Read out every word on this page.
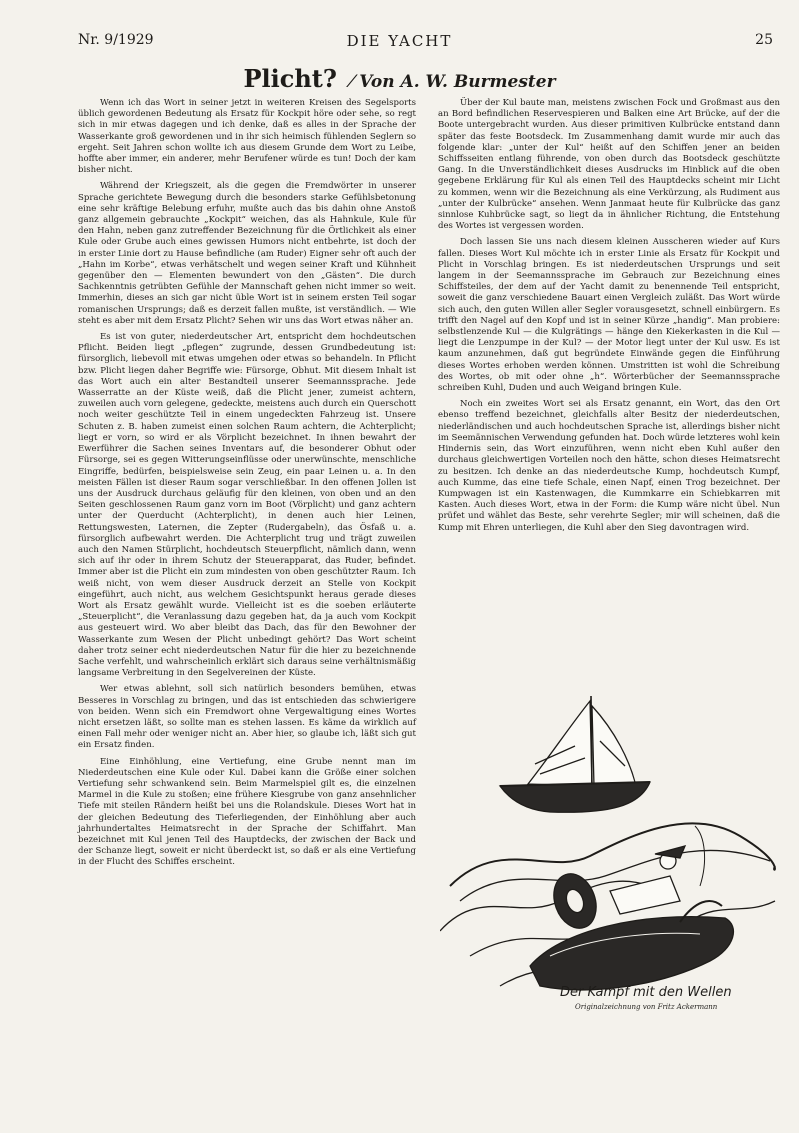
Nr. 9/1929	DIE YACHT	25
Plicht?  ⁄ Von A. W. Burmester

Wenn ich das Wort in seiner jetzt in weiteren Kreisen des Segelsports üblich gewordenen Bedeutung als Ersatz für Kockpit höre oder sehe, so regt sich in mir etwas dagegen und ich denke, daß es alles in der Sprache der Wasserkante groß gewordenen und in ihr sich heimisch fühlenden Seglern so ergeht. Seit Jahren schon wollte ich aus diesem Grunde dem Wort zu Leibe, hoffte aber immer, ein anderer, mehr Berufener würde es tun! Doch der kam bisher nicht.

Während der Kriegszeit, als die gegen die Fremdwörter in unserer Sprache gerichtete Bewegung durch die besonders starke Gefühlsbetonung eine sehr kräftige Belebung erfuhr, mußte auch das bis dahin ohne Anstoß ganz allgemein gebrauchte „Kockpit“ weichen, das als Hahnkule, Kule für den Hahn, neben ganz zutreffender Bezeichnung für die Örtlichkeit als einer Kule oder Grube auch eines gewissen Humors nicht entbehrte, ist doch der in erster Linie dort zu Hause befindliche (am Ruder) Eigner sehr oft auch der „Hahn im Korbe“, etwas verhätschelt und wegen seiner Kraft und Kühnheit gegenüber den — Elementen bewundert von den „Gästen“. Die durch Sachkenntnis getrübten Gefühle der Mannschaft gehen nicht immer so weit. Immerhin, dieses an sich gar nicht üble Wort ist in seinem ersten Teil sogar romanischen Ursprungs; daß es derzeit fallen mußte, ist verständlich. — Wie steht es aber mit dem Ersatz Plicht? Sehen wir uns das Wort etwas näher an.

Es ist von guter, niederdeutscher Art, entspricht dem hochdeutschen Pflicht. Beiden liegt „pflegen“ zugrunde, dessen Grundbedeutung ist: fürsorglich, liebevoll mit etwas umgehen oder etwas so behandeln. In Pflicht bzw. Plicht liegen daher Begriffe wie: Fürsorge, Obhut. Mit diesem Inhalt ist das Wort auch ein alter Bestandteil unserer Seemannssprache. Jede Wasserratte an der Küste weiß, daß die Plicht jener, zumeist achtern, zuweilen auch vorn gelegene, gedeckte, meistens auch durch ein Querschott noch weiter geschützte Teil in einem ungedeckten Fahrzeug ist. Unsere Schuten z. B. haben zumeist einen solchen Raum achtern, die Achterplicht; liegt er vorn, so wird er als Vörplicht bezeichnet. In ihnen bewahrt der Ewerführer die Sachen seines Inventars auf, die besonderer Obhut oder Fürsorge, sei es gegen Witterungseinflüsse oder unerwünschte, menschliche Eingriffe, bedürfen, beispielsweise sein Zeug, ein paar Leinen u. a. In den meisten Fällen ist dieser Raum sogar verschließbar. In den offenen Jollen ist uns der Ausdruck durchaus geläufig für den kleinen, von oben und an den Seiten geschlossenen Raum ganz vorn im Boot (Vörplicht) und ganz achtern unter der Querducht (Achterplicht), in denen auch hier Leinen, Rettungswesten, Laternen, die Zepter (Rudergabeln), das Ösfaß u. a. fürsorglich aufbewahrt werden. Die Achterplicht trug und trägt zuweilen auch den Namen Stürplicht, hochdeutsch Steuerpflicht, nämlich dann, wenn sich auf ihr oder in ihrem Schutz der Steuerapparat, das Ruder, befindet. Immer aber ist die Plicht ein zum mindesten von oben geschützter Raum. Ich weiß nicht, von wem dieser Ausdruck derzeit an Stelle von Kockpit eingeführt, auch nicht, aus welchem Gesichtspunkt heraus gerade dieses Wort als Ersatz gewählt wurde. Vielleicht ist es die soeben erläuterte „Steuerplicht“, die Veranlassung dazu gegeben hat, da ja auch vom Kockpit aus gesteuert wird. Wo aber bleibt das Dach, das für den Bewohner der Wasserkante zum Wesen der Plicht unbedingt gehört? Das Wort scheint daher trotz seiner echt niederdeutschen Natur für die hier zu bezeichnende Sache verfehlt, und wahrscheinlich erklärt sich daraus seine verhältnismäßig langsame Verbreitung in den Segelvereinen der Küste.

Wer etwas ablehnt, soll sich natürlich besonders bemühen, etwas Besseres in Vorschlag zu bringen, und das ist entschieden das schwierigere von beiden. Wenn sich ein Fremdwort ohne Vergewaltigung eines Wortes nicht ersetzen läßt, so sollte man es stehen lassen. Es käme da wirklich auf einen Fall mehr oder weniger nicht an. Aber hier, so glaube ich, läßt sich gut ein Ersatz finden.

Eine Einhöhlung, eine Vertiefung, eine Grube nennt man im Niederdeutschen eine Kule oder Kul. Dabei kann die Größe einer solchen Vertiefung sehr schwankend sein. Beim Marmelspiel gilt es, die einzelnen Marmel in die Kule zu stoßen; eine frühere Kiesgrube von ganz ansehnlicher Tiefe mit steilen Rändern heißt bei uns die Rolandskule. Dieses Wort hat in der gleichen Bedeutung des Tieferliegenden, der Einhöhlung aber auch jahrhundertaltes Heimatsrecht in der Sprache der Schiffahrt. Man bezeichnet mit Kul jenen Teil des Hauptdecks, der zwischen der Back und der Schanze liegt, soweit er nicht überdeckt ist, so daß er als eine Vertiefung in der Flucht des Schiffes erscheint.

Über der Kul baute man, meistens zwischen Fock und Großmast aus den an Bord befindlichen Reservespieren und Balken eine Art Brücke, auf der die Boote untergebracht wurden. Aus dieser primitiven Kulbrücke entstand dann später das feste Bootsdeck. Im Zusammenhang damit wurde mir auch das folgende klar: „unter der Kul“ heißt auf den Schiffen jener an beiden Schiffsseiten entlang führende, von oben durch das Bootsdeck geschützte Gang. In die Unverständlichkeit dieses Ausdrucks im Hinblick auf die oben gegebene Erklärung für Kul als einen Teil des Hauptdecks scheint mir Licht zu kommen, wenn wir die Bezeichnung als eine Verkürzung, als Rudiment aus „unter der Kulbrücke“ ansehen. Wenn Janmaat heute für Kulbrücke das ganz sinnlose Kuhbrücke sagt, so liegt da in ähnlicher Richtung, die Entstehung des Wortes ist vergessen worden.

Doch lassen Sie uns nach diesem kleinen Ausscheren wieder auf Kurs fallen. Dieses Wort Kul möchte ich in erster Linie als Ersatz für Kockpit und Plicht in Vorschlag bringen. Es ist niederdeutschen Ursprungs und seit langem in der Seemannssprache im Gebrauch zur Bezeichnung eines Schiffsteiles, der dem auf der Yacht damit zu benennende Teil entspricht, soweit die ganz verschiedene Bauart einen Vergleich zuläßt. Das Wort würde sich auch, den guten Willen aller Segler vorausgesetzt, schnell einbürgern. Es trifft den Nagel auf den Kopf und ist in seiner Kürze „handig“. Man probiere: selbstlenzende Kul — die Kulgrätings — hänge den Kiekerkasten in die Kul — liegt die Lenzpumpe in der Kul? — der Motor liegt unter der Kul usw. Es ist kaum anzunehmen, daß gut begründete Einwände gegen die Einführung dieses Wortes erhoben werden können. Umstritten ist wohl die Schreibung des Wortes, ob mit oder ohne „h“. Wörterbücher der Seemannssprache schreiben Kuhl, Duden und auch Weigand bringen Kule.

Noch ein zweites Wort sei als Ersatz genannt, ein Wort, das den Ort ebenso treffend bezeichnet, gleichfalls alter Besitz der niederdeutschen, niederländischen und auch hochdeutschen Sprache ist, allerdings bisher nicht im Seemännischen Verwendung gefunden hat. Doch würde letzteres wohl kein Hindernis sein, das Wort einzuführen, wenn nicht eben Kuhl außer den durchaus gleichwertigen Vorteilen noch den hätte, schon dieses Heimatsrecht zu besitzen. Ich denke an das niederdeutsche Kump, hochdeutsch Kumpf, auch Kumme, das eine tiefe Schale, einen Napf, einen Trog bezeichnet. Der Kumpwagen ist ein Kastenwagen, die Kummkarre ein Schiebkarren mit Kasten. Auch dieses Wort, etwa in der Form: die Kump wäre nicht übel. Nun prüfet und wählet das Beste, sehr verehrte Segler; mir will scheinen, daß die Kump mit Ehren unterliegen, die Kuhl aber den Sieg davontragen wird.

Der Kampf mit den Wellen
Originalzeichnung von Fritz Ackermann
